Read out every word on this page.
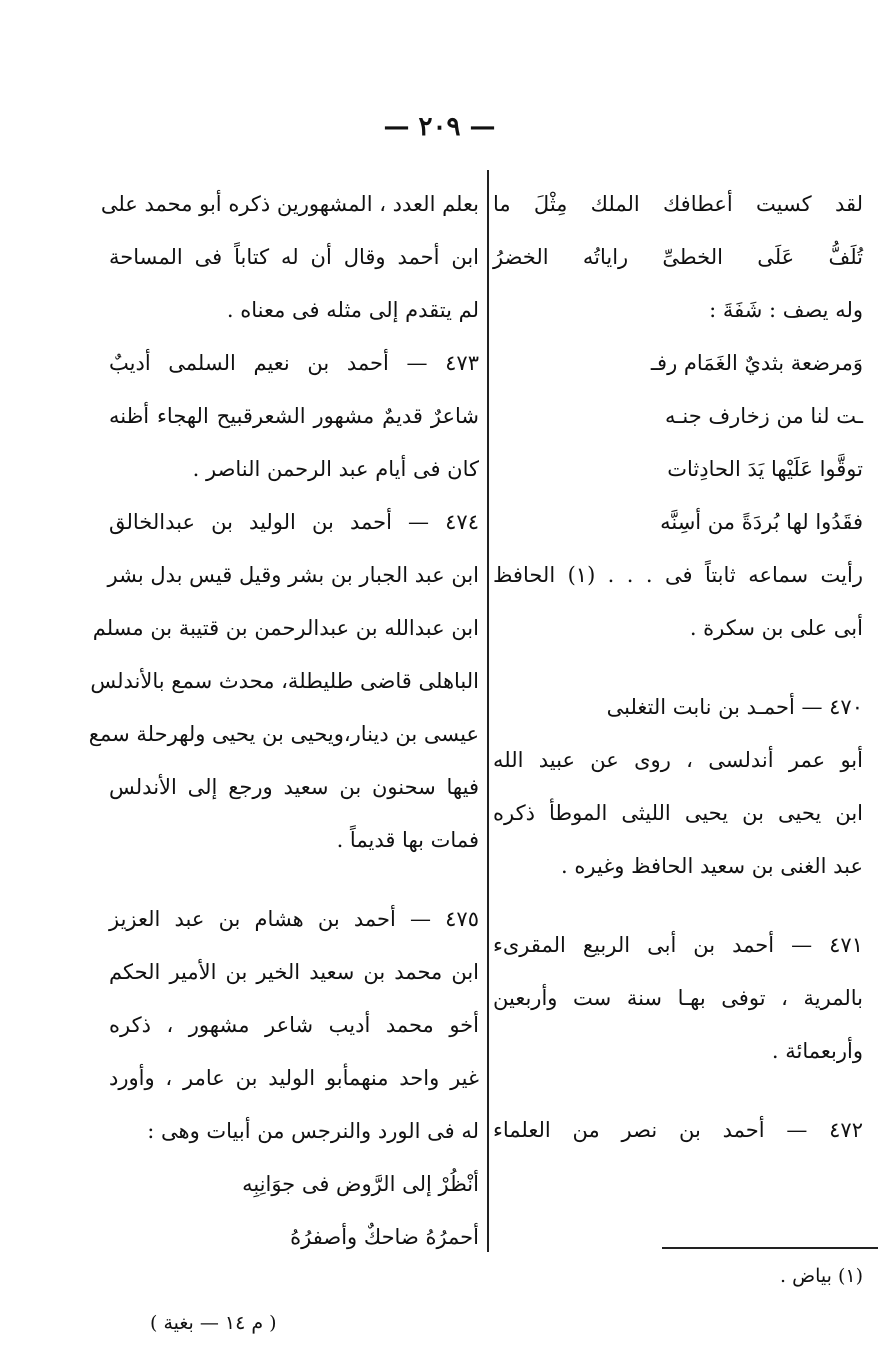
— ٢٠٩ —
لقد كسيت أعطافك الملك مِثْلَ ما
تُلَفُّ عَلَى الخطىِّ راياتُه الخضرُ
وله يصف : شَفَةَ :
وَمرضعة بثديٌ الغَمَام رفـ
ـت لنا من زخارف جنـه
توقَّوا عَلَيْها يَدَ الحادِثات
فقَدُوا لها بُردَةً من أسِنَّه
رأيت سماعه ثابتاً فى . . . (١) الحافظ
أبى على بن سكرة .
٤٧٠ — أحمـد بن نابت التغلبى
أبو عمر أندلسى ، روى عن عبيد الله
ابن يحيى بن يحيى الليثى الموطأ ذكره
عبد الغنى بن سعيد الحافظ وغيره .
٤٧١ — أحمد بن أبى الربيع المقرىء
بالمرية ، توفى بهـا سنة ست وأربعين
وأربعمائة .
٤٧٢ — أحمد بن نصر من العلماء
بعلم العدد ، المشهورين ذكره أبو محمد على
ابن أحمد وقال أن له كتاباً فى المساحة
لم يتقدم إلى مثله فى معناه .
٤٧٣ — أحمد بن نعيم السلمى أديبٌ
شاعرٌ قديمٌ مشهور الشعرقبيح الهجاء أظنه
كان فى أيام عبد الرحمن الناصر .
٤٧٤ — أحمد بن الوليد بن عبدالخالق
ابن عبد الجبار بن بشر وقيل قيس بدل بشر
ابن عبدالله بن عبدالرحمن بن قتيبة بن مسلم
الباهلى قاضى طليطلة، محدث سمع بالأندلس
عيسى بن دينار،ويحيى بن يحيى ولهرحلة سمع
فيها سحنون بن سعيد ورجع إلى الأندلس
فمات بها قديماً .
٤٧٥ — أحمد بن هشام بن عبد العزيز
ابن محمد بن سعيد الخير بن الأمير الحكم
أخو محمد أديب شاعر مشهور ، ذكره
غير واحد منهمأبو الوليد بن عامر ، وأورد
له فى الورد والنرجس من أبيات وهى :
أنْظُرْ إلى الرَّوض فى جوَانِبِه
أحمرُهُ ضاحكٌ وأصفرُهُ
(١) بياض .
( م ١٤ — بغية )
